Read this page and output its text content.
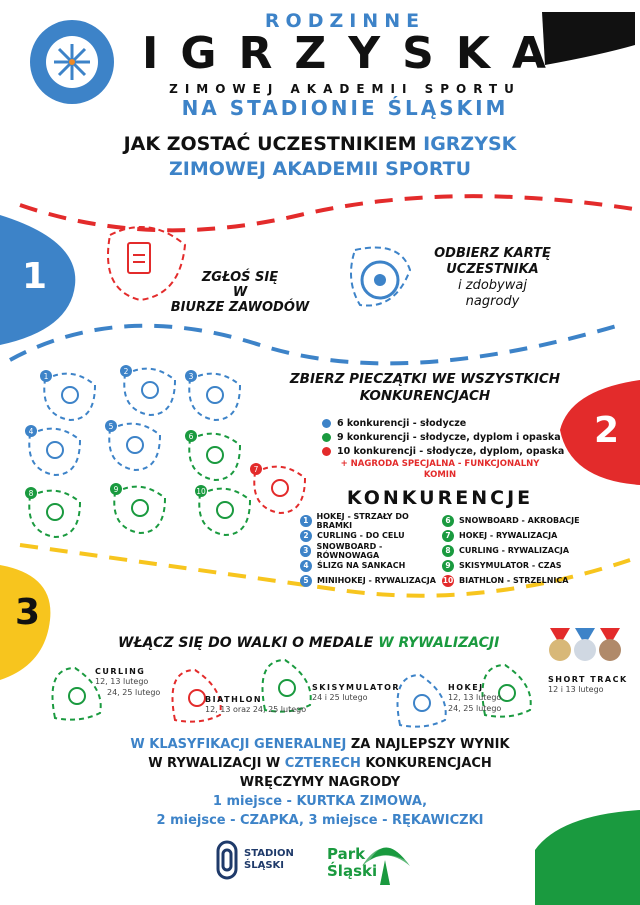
RODZINNE
IGRZYSKA
ZIMOWEJ AKADEMII SPORTU
NA STADIONIE ŚLĄSKIM
JAK ZOSTAĆ UCZESTNIKIEM IGRZYSK
ZIMOWEJ AKADEMII SPORTU
1	ZGŁOŚ SIĘ
W
BIURZE ZAWODÓW
ODBIERZ KARTĘ
UCZESTNIKA
i zdobywaj
nagrody
1
2
3
4
5
6
7
8	9	10
2
ZBIERZ PIECZĄTKI WE WSZYSTKICH
KONKURENCJACH
6 konkurencji - słodycze
9 konkurencji - słodycze, dyplom i opaska
10 konkurencji - słodycze, dyplom, opaska
+ NAGRODA SPECJALNA - FUNKCJONALNY
KOMIN
KONKURENCJE
1	HOKEJ - STRZAŁY DO BRAMKI	6	SNOWBOARD - AKROBACJE
2	CURLING - DO CELU	7	HOKEJ - RYWALIZACJA
3	SNOWBOARD - RÓWNOWAGA	8	CURLING - RYWALIZACJA
4	ŚLIZG NA SANKACH	9	SKISYMULATOR - CZAS
5	MINIHOKEJ - RYWALIZACJA 10 BIATHLON - STRZELNICA
3
WŁĄCZ SIĘ DO WALKI O MEDALE W RYWALIZACJI
CURLING
12, 13 lutego
24, 25 lutego
BIATHLON
12, 13 oraz 24, 25 lutego
SKISYMULATOR
24 i 25 lutego
HOKEJ
12, 13 lutego
24, 25 lutego
SHORT TRACK
12 i 13 lutego
W KLASYFIKACJI GENERALNEJ ZA NAJLEPSZY WYNIK
W RYWALIZACJI W CZTERECH KONKURENCJACH
WRĘCZYMY NAGRODY
1 miejsce - KURTKA ZIMOWA,
2 miejsce - CZAPKA, 3 miejsce - RĘKAWICZKI
STADION
ŚLĄSKI
Park
Śląski
